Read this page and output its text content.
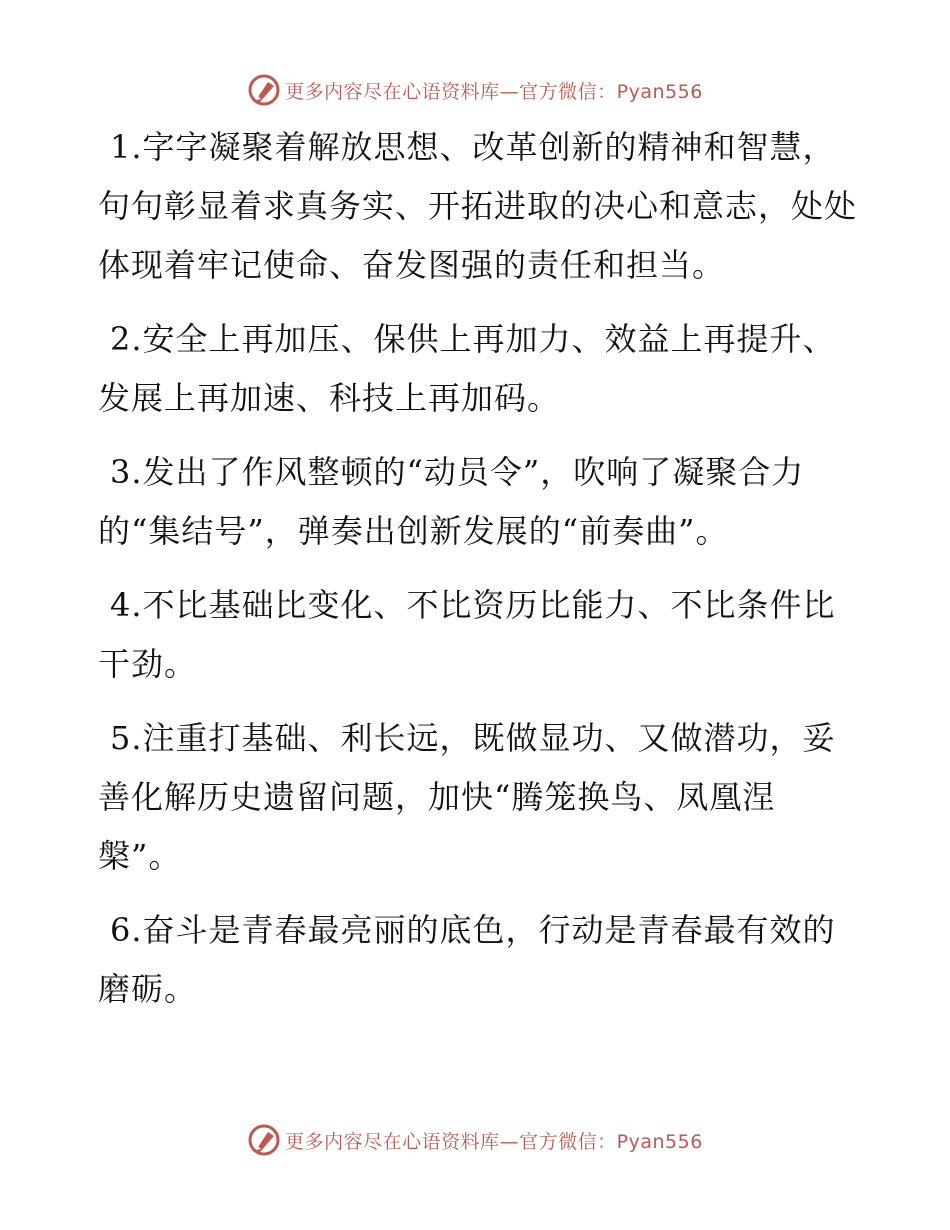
更多内容尽在心语资料库—官方微信：Pyan556

1.字字凝聚着解放思想、改革创新的精神和智慧，句句彰显着求真务实、开拓进取的决心和意志，处处体现着牢记使命、奋发图强的责任和担当。

2.安全上再加压、保供上再加力、效益上再提升、发展上再加速、科技上再加码。

3.发出了作风整顿的“动员令”，吹响了凝聚合力的“集结号”，弹奏出创新发展的“前奏曲”。

4.不比基础比变化、不比资历比能力、不比条件比干劲。

5.注重打基础、利长远，既做显功、又做潜功，妥善化解历史遗留问题，加快“腾笼换鸟、凤凰涅槃”。

6.奋斗是青春最亮丽的底色，行动是青春最有效的磨砺。

更多内容尽在心语资料库—官方微信：Pyan556
